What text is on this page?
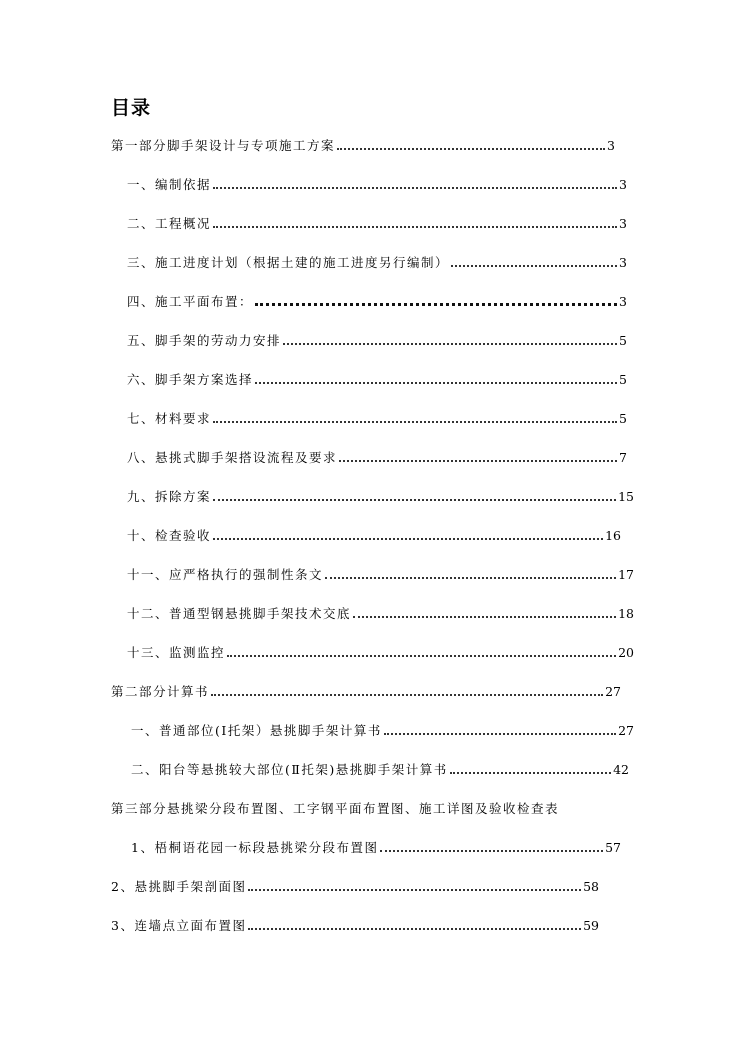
目录
第一部分脚手架设计与专项施工方案	3
一、编制依据	3
二、工程概况	3
三、施工进度计划（根据土建的施工进度另行编制）	3
四、施工平面布置：	3
五、脚手架的劳动力安排	5
六、脚手架方案选择	5
七、材料要求	5
八、悬挑式脚手架搭设流程及要求	7
九、拆除方案	15
十、检查验收	16
十一、应严格执行的强制性条文	17
十二、普通型钢悬挑脚手架技术交底	18
十三、监测监控	20
第二部分计算书	27
一、普通部位(Ⅰ托架）悬挑脚手架计算书	27
二、阳台等悬挑较大部位(Ⅱ托架)悬挑脚手架计算书	42
第三部分悬挑梁分段布置图、工字钢平面布置图、施工详图及验收检查表
1、梧桐语花园一标段悬挑梁分段布置图	57
2、悬挑脚手架剖面图	58
3、连墙点立面布置图	59
